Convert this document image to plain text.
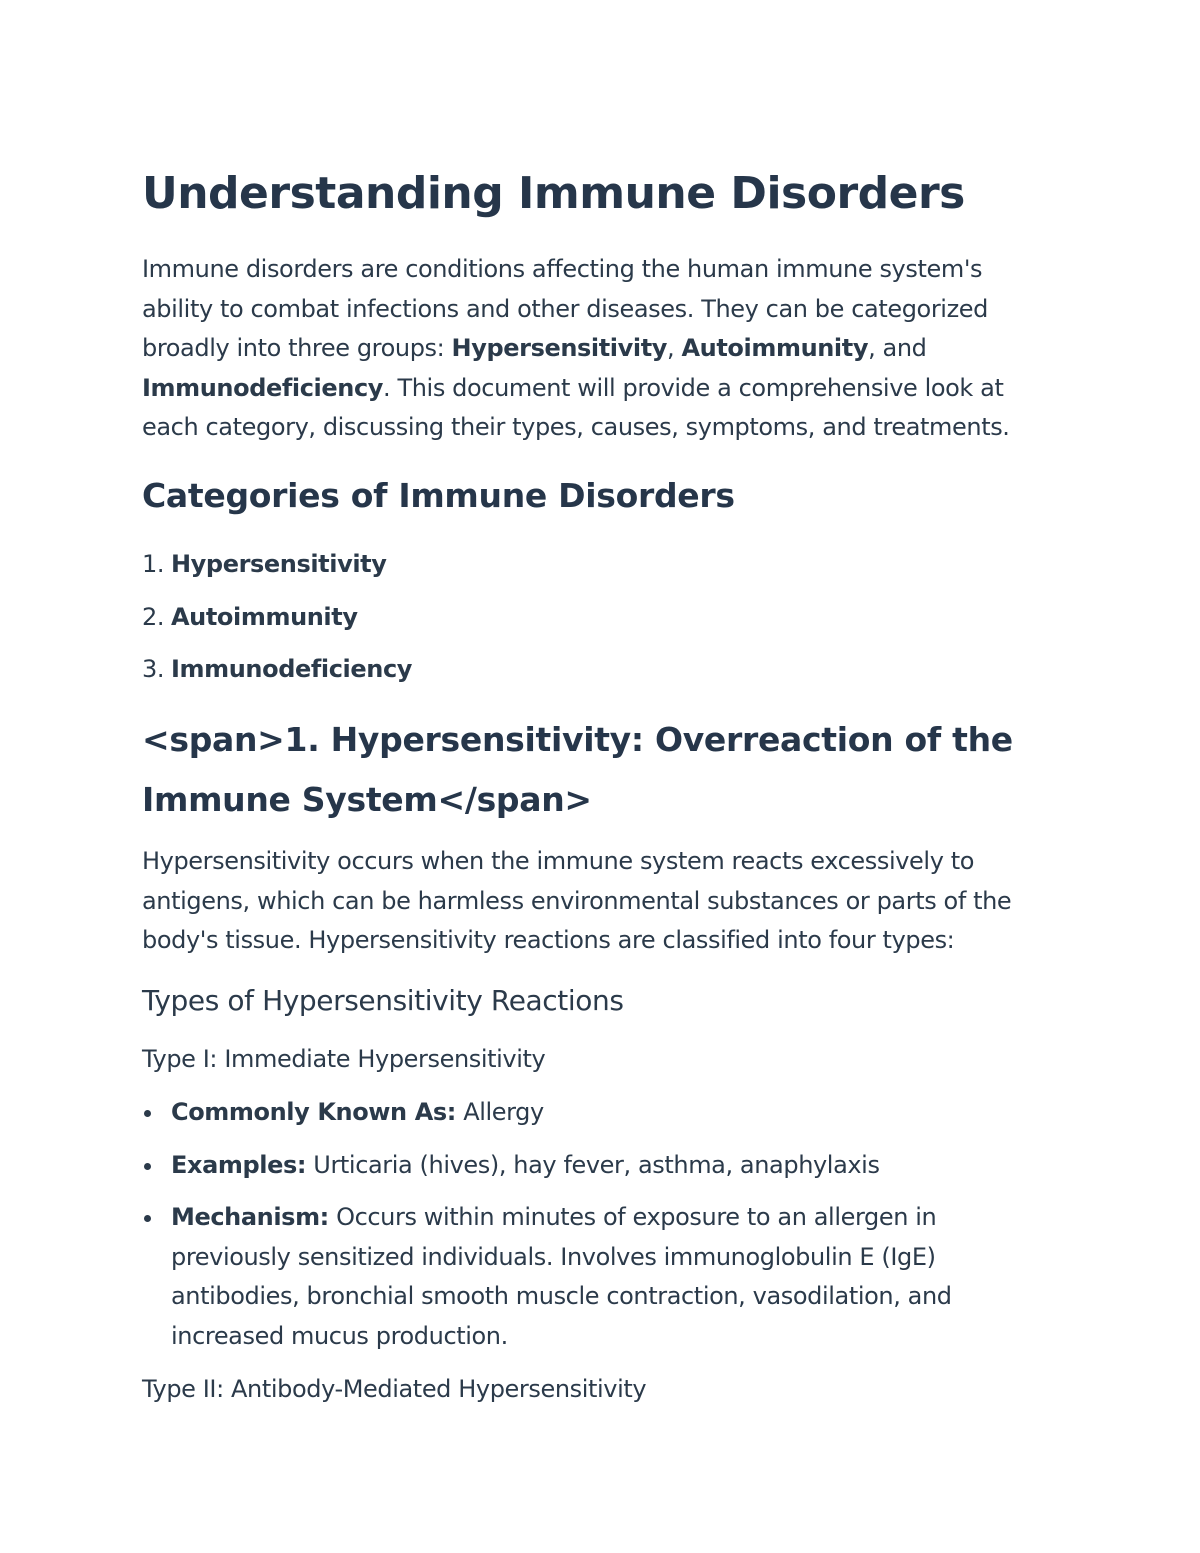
Understanding Immune Disorders

Immune disorders are conditions affecting the human immune system's ability to combat infections and other diseases. They can be categorized broadly into three groups: Hypersensitivity, Autoimmunity, and Immunodeficiency. This document will provide a comprehensive look at each category, discussing their types, causes, symptoms, and treatments.

Categories of Immune Disorders
1. Hypersensitivity
2. Autoimmunity
3. Immunodeficiency
<span>1. Hypersensitivity: Overreaction of the Immune System</span>

Hypersensitivity occurs when the immune system reacts excessively to antigens, which can be harmless environmental substances or parts of the body's tissue. Hypersensitivity reactions are classified into four types:

Types of Hypersensitivity Reactions
Type I: Immediate Hypersensitivity
Commonly Known As: Allergy
Examples: Urticaria (hives), hay fever, asthma, anaphylaxis
Mechanism: Occurs within minutes of exposure to an allergen in previously sensitized individuals. Involves immunoglobulin E (IgE) antibodies, bronchial smooth muscle contraction, vasodilation, and increased mucus production.
Type II: Antibody-Mediated Hypersensitivity
